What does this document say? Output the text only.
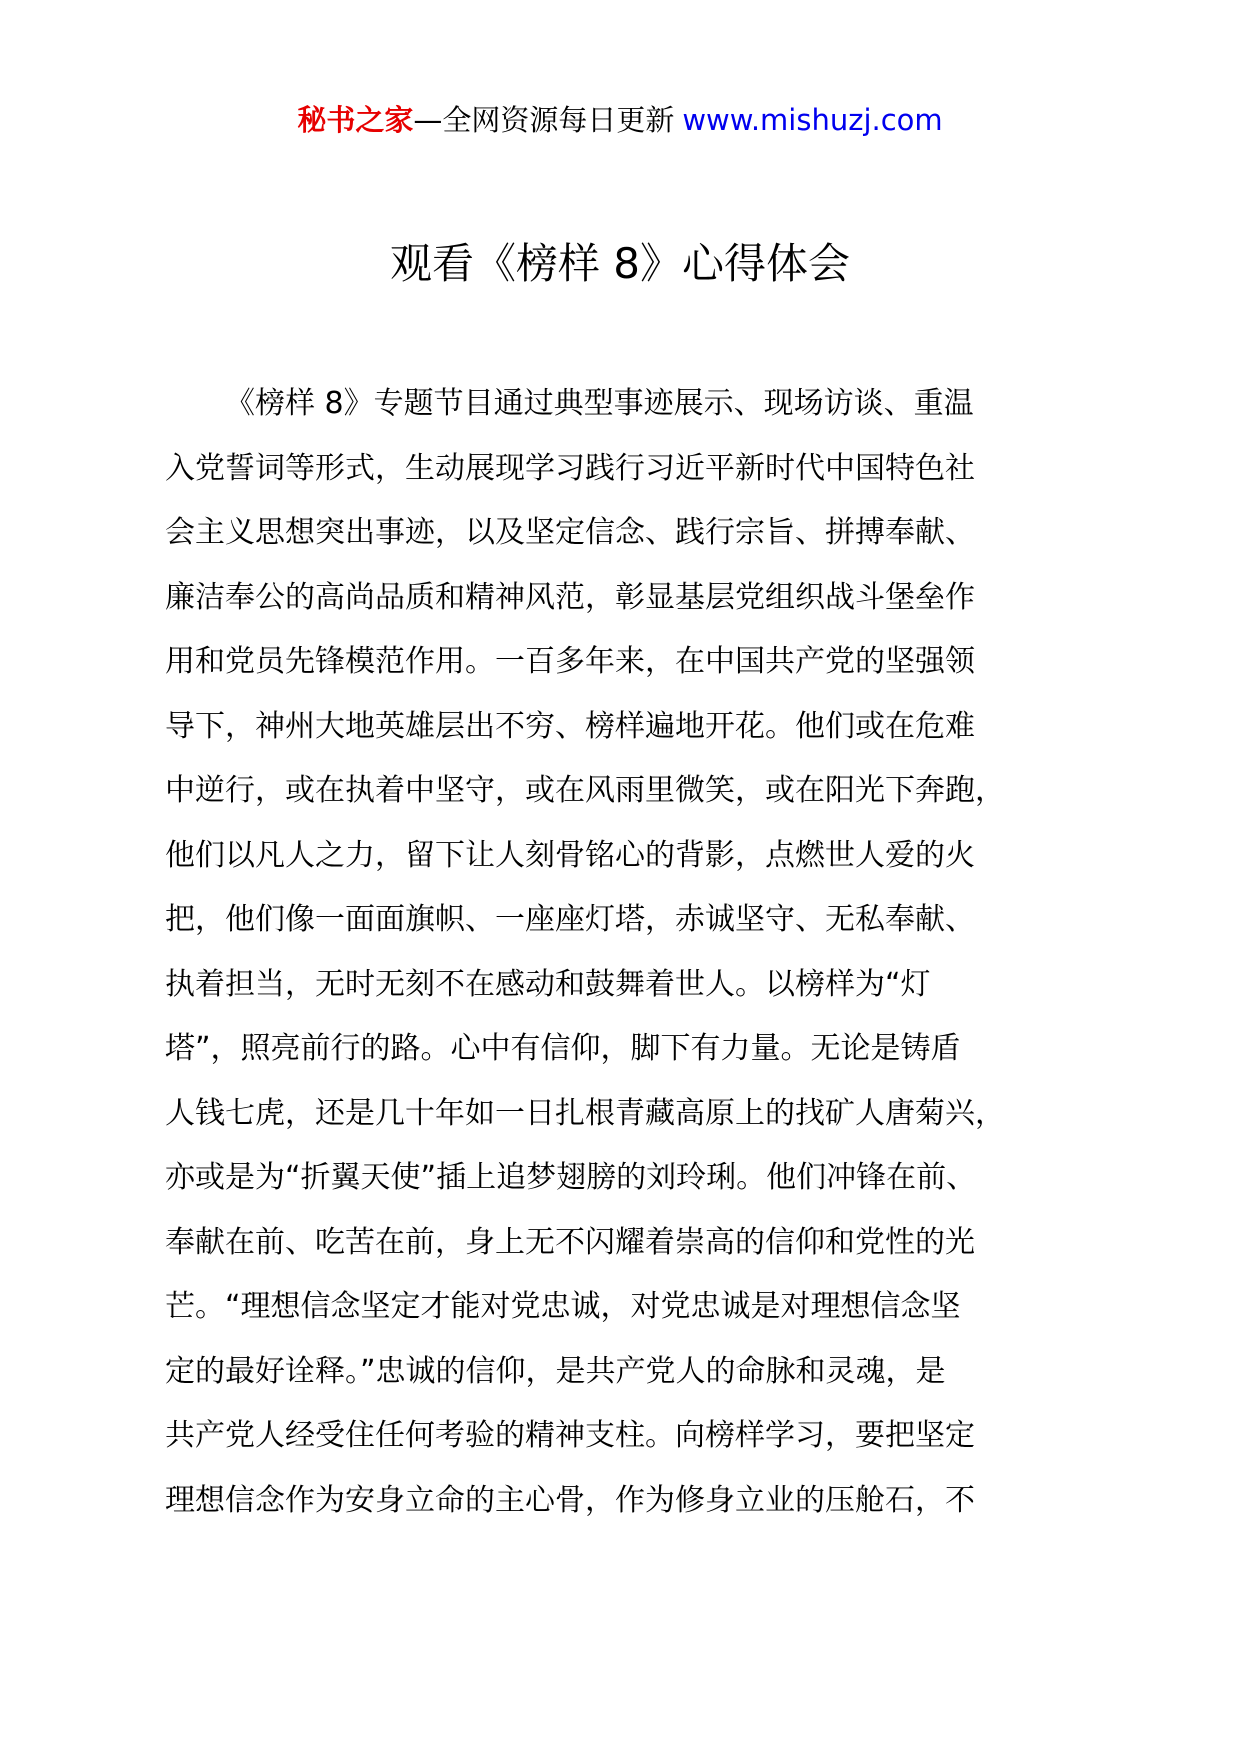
秘书之家—全网资源每日更新 www.mishuzj.com
观看《榜样 8》心得体会
《榜样 8》专题节目通过典型事迹展示、现场访谈、重温
入党誓词等形式，生动展现学习践行习近平新时代中国特色社
会主义思想突出事迹，以及坚定信念、践行宗旨、拼搏奉献、
廉洁奉公的高尚品质和精神风范，彰显基层党组织战斗堡垒作
用和党员先锋模范作用。一百多年来，在中国共产党的坚强领
导下，神州大地英雄层出不穷、榜样遍地开花。他们或在危难
中逆行，或在执着中坚守，或在风雨里微笑，或在阳光下奔跑，
他们以凡人之力，留下让人刻骨铭心的背影，点燃世人爱的火
把，他们像一面面旗帜、一座座灯塔，赤诚坚守、无私奉献、
执着担当，无时无刻不在感动和鼓舞着世人。以榜样为“灯
塔”，照亮前行的路。心中有信仰，脚下有力量。无论是铸盾
人钱七虎，还是几十年如一日扎根青藏高原上的找矿人唐菊兴，
亦或是为“折翼天使”插上追梦翅膀的刘玲琍。他们冲锋在前、
奉献在前、吃苦在前，身上无不闪耀着崇高的信仰和党性的光
芒。“理想信念坚定才能对党忠诚，对党忠诚是对理想信念坚
定的最好诠释。”忠诚的信仰，是共产党人的命脉和灵魂，是
共产党人经受住任何考验的精神支柱。向榜样学习，要把坚定
理想信念作为安身立命的主心骨，作为修身立业的压舱石，不
